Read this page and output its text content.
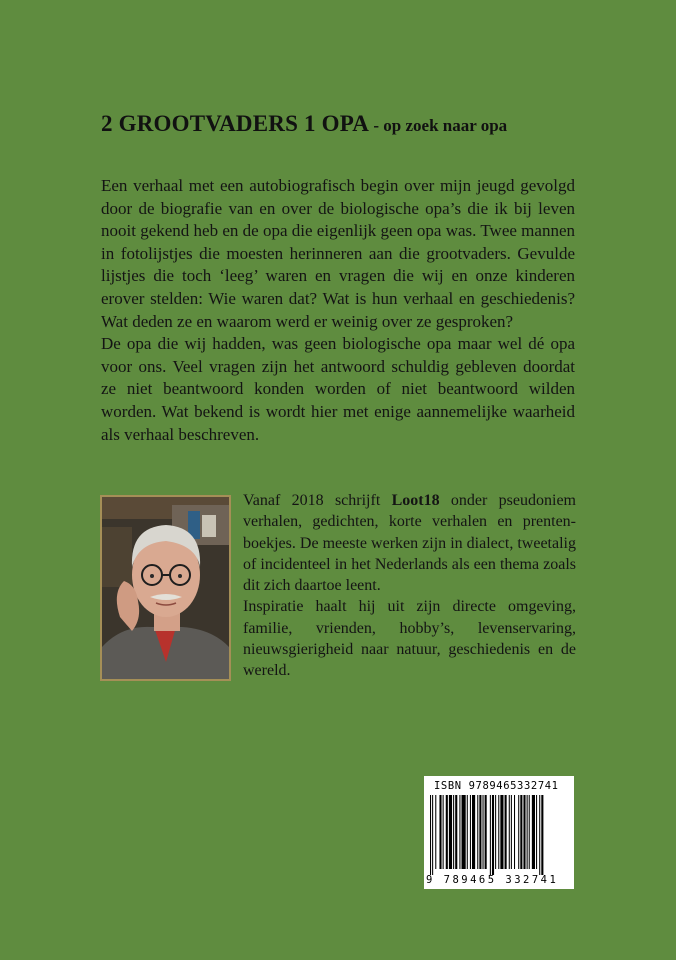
2 GROOTVADERS 1 OPA - op zoek naar opa

Een verhaal met een autobiografisch begin over mijn jeugd gevolgd door de biografie van en over de biologische opa’s die ik bij leven nooit gekend heb en de opa die eigenlijk geen opa was. Twee mannen in fotolijstjes die moesten herinneren aan die grootvaders. Gevulde lijstjes die toch ‘leeg’ waren en vragen die wij en onze kinderen erover stelden: Wie waren dat? Wat is hun verhaal en geschiedenis? Wat deden ze en waarom werd er weinig over ze gesproken?

De opa die wij hadden, was geen biologische opa maar wel dé opa voor ons. Veel vragen zijn het antwoord schuldig gebleven doordat ze niet beantwoord konden worden of niet beantwoord wilden worden. Wat bekend is wordt hier met enige aannemelijke waarheid als verhaal beschreven.

Vanaf 2018 schrijft Loot18 onder pseudoniem verhalen, gedichten, korte verhalen en prentenboekjes. De meeste werken zijn in dialect, tweetalig of incidenteel in het Nederlands als een thema zoals dit zich daartoe leent.

Inspiratie haalt hij uit zijn directe omgeving, familie, vrienden, hobby’s, levenservaring, nieuwsgierigheid naar natuur, geschiedenis en de wereld.

ISBN 9789465332741
9 789465 332741
